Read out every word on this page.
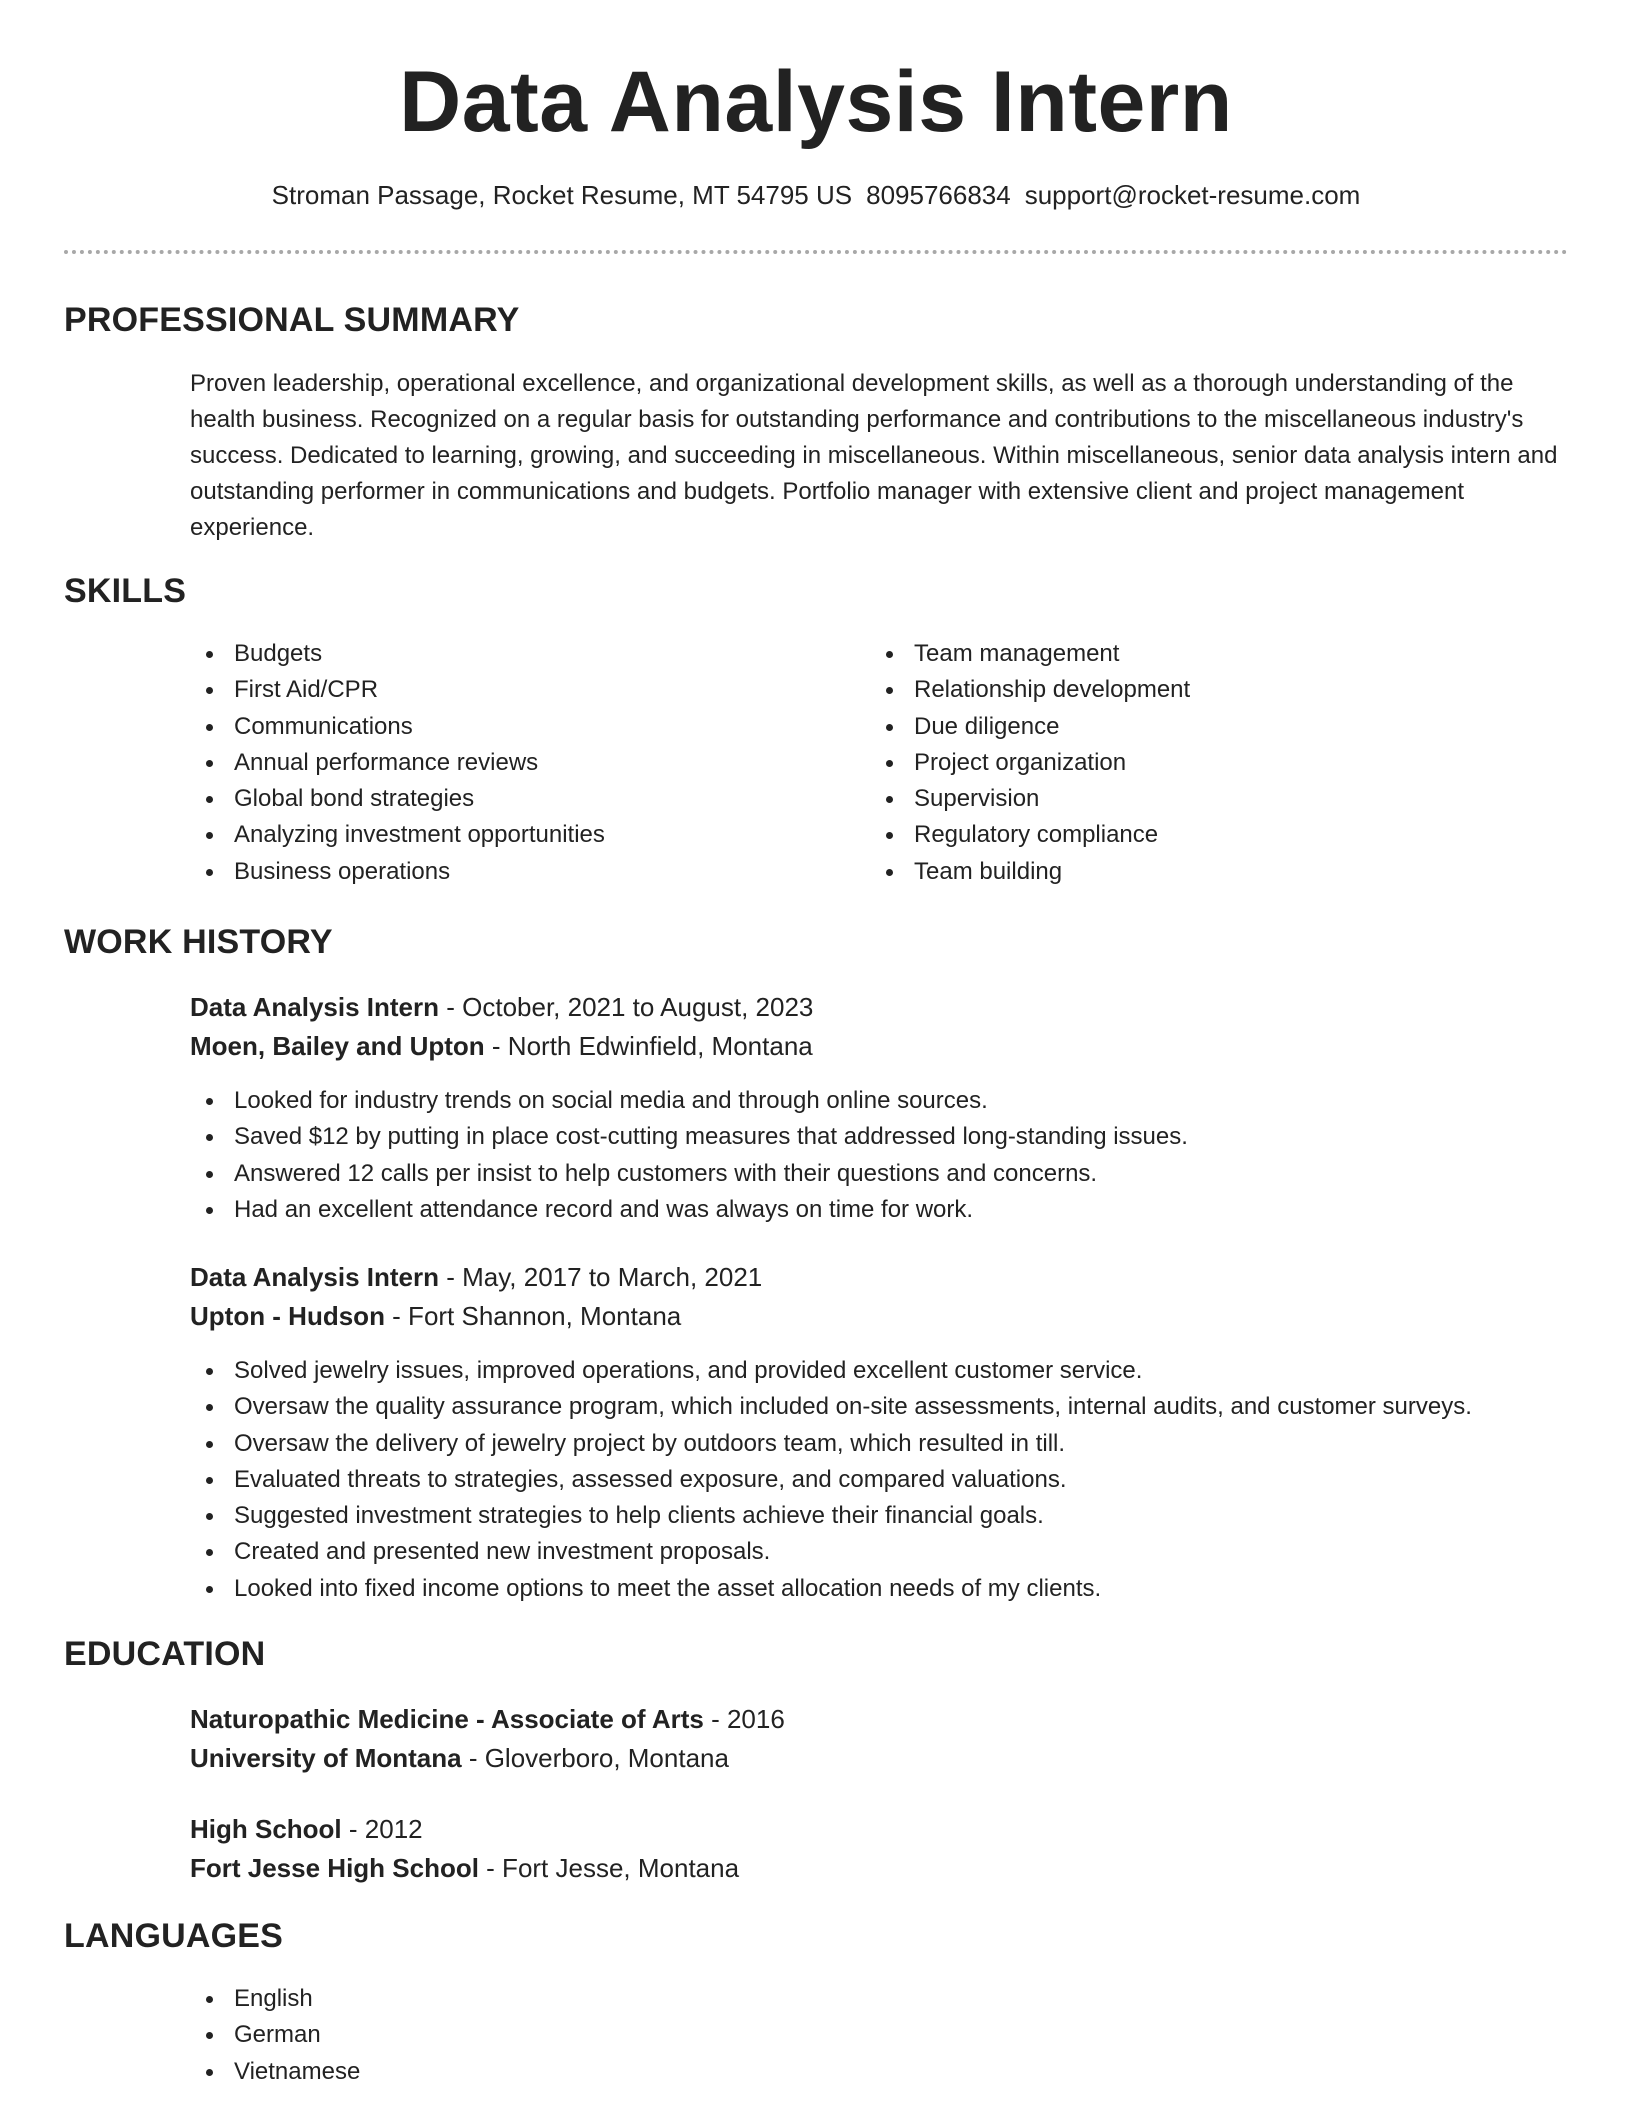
Data Analysis Intern
Stroman Passage, Rocket Resume, MT 54795 US 8095766834 support@rocket-resume.com
PROFESSIONAL SUMMARY
Proven leadership, operational excellence, and organizational development skills, as well as a thorough understanding of the health business. Recognized on a regular basis for outstanding performance and contributions to the miscellaneous industry's success. Dedicated to learning, growing, and succeeding in miscellaneous. Within miscellaneous, senior data analysis intern and outstanding performer in communications and budgets. Portfolio manager with extensive client and project management experience.
SKILLS
Budgets
First Aid/CPR
Communications
Annual performance reviews
Global bond strategies
Analyzing investment opportunities
Business operations
Team management
Relationship development
Due diligence
Project organization
Supervision
Regulatory compliance
Team building
WORK HISTORY
Data Analysis Intern - October, 2021 to August, 2023
Moen, Bailey and Upton - North Edwinfield, Montana
Looked for industry trends on social media and through online sources.
Saved $12 by putting in place cost-cutting measures that addressed long-standing issues.
Answered 12 calls per insist to help customers with their questions and concerns.
Had an excellent attendance record and was always on time for work.
Data Analysis Intern - May, 2017 to March, 2021
Upton - Hudson - Fort Shannon, Montana
Solved jewelry issues, improved operations, and provided excellent customer service.
Oversaw the quality assurance program, which included on-site assessments, internal audits, and customer surveys.
Oversaw the delivery of jewelry project by outdoors team, which resulted in till.
Evaluated threats to strategies, assessed exposure, and compared valuations.
Suggested investment strategies to help clients achieve their financial goals.
Created and presented new investment proposals.
Looked into fixed income options to meet the asset allocation needs of my clients.
EDUCATION
Naturopathic Medicine - Associate of Arts - 2016
University of Montana - Gloverboro, Montana
High School - 2012
Fort Jesse High School - Fort Jesse, Montana
LANGUAGES
English
German
Vietnamese
